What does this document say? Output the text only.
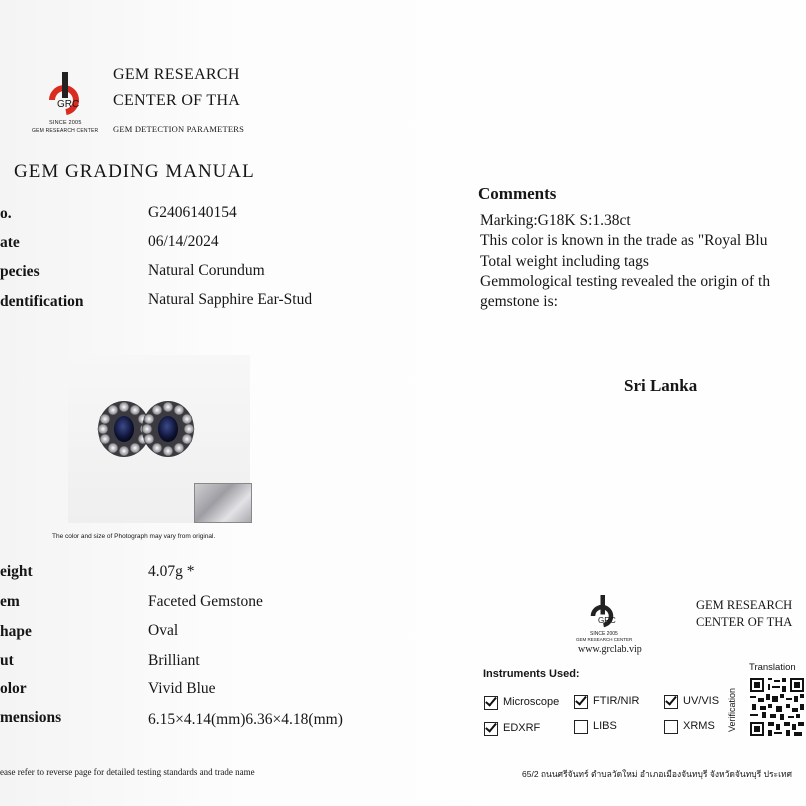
GRC
SINCE 2005
GEM RESEARCH CENTER
GEM RESEARCH
CENTER OF THA
GEM DETECTION PARAMETERS
GEM GRADING MANUAL
o.	G2406140154
ate	06/14/2024
pecies	Natural Corundum
dentification	Natural Sapphire Ear-Stud
The color and size of Photograph may vary from original.
eight	4.07g *
em	Faceted Gemstone
hape	Oval
ut	Brilliant
olor	Vivid Blue
mensions	6.15×4.14(mm)6.36×4.18(mm)
ease refer to reverse page for detailed testing standards and trade name
Comments
Marking:G18K S:1.38ct
This color is known in the trade as "Royal Blu
Total weight including tags
Gemmological testing revealed the origin of th
gemstone is:
Sri Lanka
GRC
SINCE 2005
GEM RESEARCH CENTER
www.grclab.vip
GEM RESEARCH
CENTER OF THA
Instruments Used:
Microscope	FTIR/NIR	UV/VIS
EDXRF	LIBS	XRMS
Translation
Verification
65/2 ถนนศรีจันทร์ ตำบลวัดใหม่ อำเภอเมืองจันทบุรี จังหวัดจันทบุรี ประเทศ
